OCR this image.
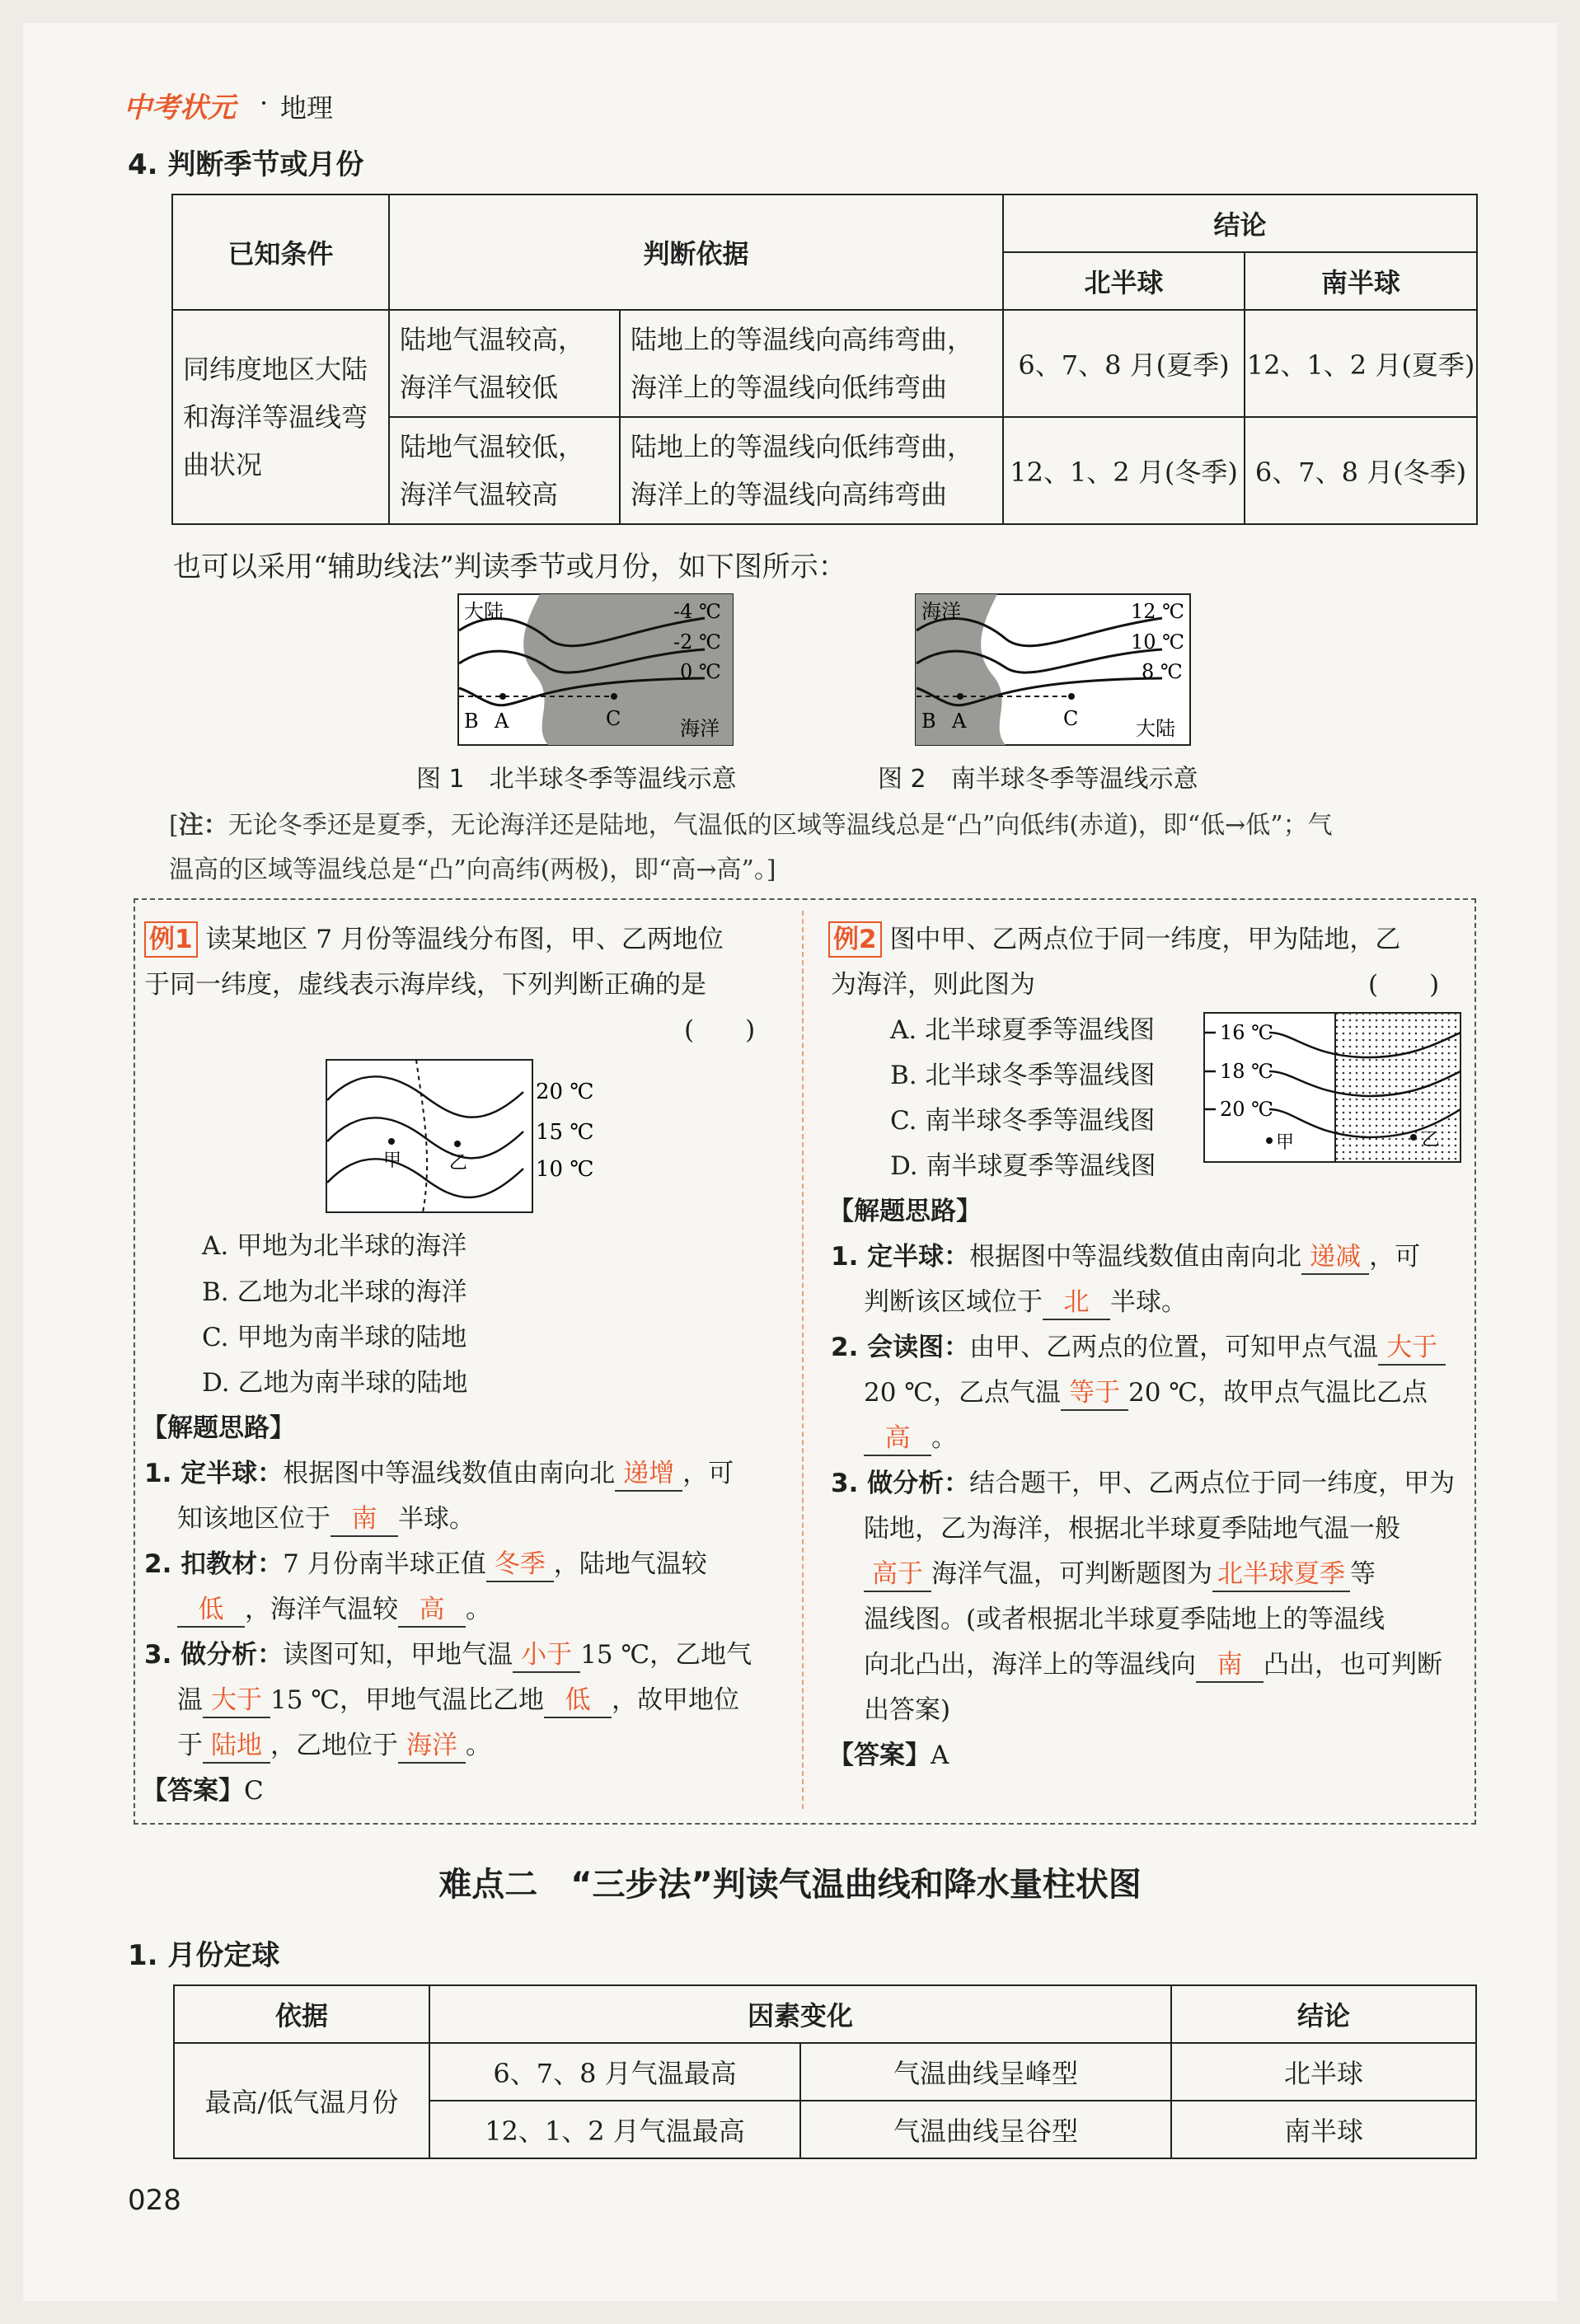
中考状元 · 地理
4. 判断季节或月份
已知条件	判断依据		结论	
			北半球	南半球
同纬度地区大陆和海洋等温线弯曲状况	陆地气温较高，海洋气温较低	陆地上的等温线向高纬弯曲，海洋上的等温线向低纬弯曲	6、7、8 月(夏季)	12、1、2 月(夏季)
	陆地气温较低，海洋气温较高	陆地上的等温线向低纬弯曲，海洋上的等温线向高纬弯曲	12、1、2 月(冬季)	6、7、8 月(冬季)
也可以采用“辅助线法”判读季节或月份，如下图所示：
大陆	-4 ℃
-2 ℃
0 ℃
B A	C	海洋
图 1　北半球冬季等温线示意
海洋	12 ℃
10 ℃
8 ℃
B A	C	大陆
图 2　南半球冬季等温线示意
[注：无论冬季还是夏季，无论海洋还是陆地，气温低的区域等温线总是“凸”向低纬(赤道)，即“低→低”；气
温高的区域等温线总是“凸”向高纬(两极)，即“高→高”。]
例1 读某地区 7 月份等温线分布图，甲、乙两地位
于同一纬度，虚线表示海岸线，下列判断正确的是
(　　)
甲	乙
20 ℃
15 ℃
10 ℃
A. 甲地为北半球的海洋
B. 乙地为北半球的海洋
C. 甲地为南半球的陆地
D. 乙地为南半球的陆地
【解题思路】
1. 定半球：根据图中等温线数值由南向北 递增 ，可
知该地区位于 南 半球。
2. 扣教材：7 月份南半球正值 冬季 ，陆地气温较
低 ，海洋气温较 高 。
3. 做分析：读图可知，甲地气温 小于 15 ℃，乙地气
温 大于 15 ℃，甲地气温比乙地 低 ，故甲地位
于 陆地 ，乙地位于 海洋 。
【答案】C
例2 图中甲、乙两点位于同一纬度，甲为陆地，乙
为海洋，则此图为	(　　)
A. 北半球夏季等温线图
B. 北半球冬季等温线图
C. 南半球冬季等温线图
D. 南半球夏季等温线图
16 ℃
18 ℃
20 ℃
甲	乙
【解题思路】
1. 定半球：根据图中等温线数值由南向北 递减 ，可
判断该区域位于 北 半球。
2. 会读图：由甲、乙两点的位置，可知甲点气温 大于
20 ℃，乙点气温 等于 20 ℃，故甲点气温比乙点
高 。
3. 做分析：结合题干，甲、乙两点位于同一纬度，甲为
陆地，乙为海洋，根据北半球夏季陆地气温一般
高于 海洋气温，可判断题图为 北半球夏季 等
温线图。(或者根据北半球夏季陆地上的等温线
向北凸出，海洋上的等温线向 南 凸出，也可判断
出答案)
【答案】A
难点二　“三步法”判读气温曲线和降水量柱状图
1. 月份定球
依据	因素变化		结论
最高/低气温月份	6、7、8 月气温最高	气温曲线呈峰型	北半球
	12、1、2 月气温最高	气温曲线呈谷型	南半球
028
